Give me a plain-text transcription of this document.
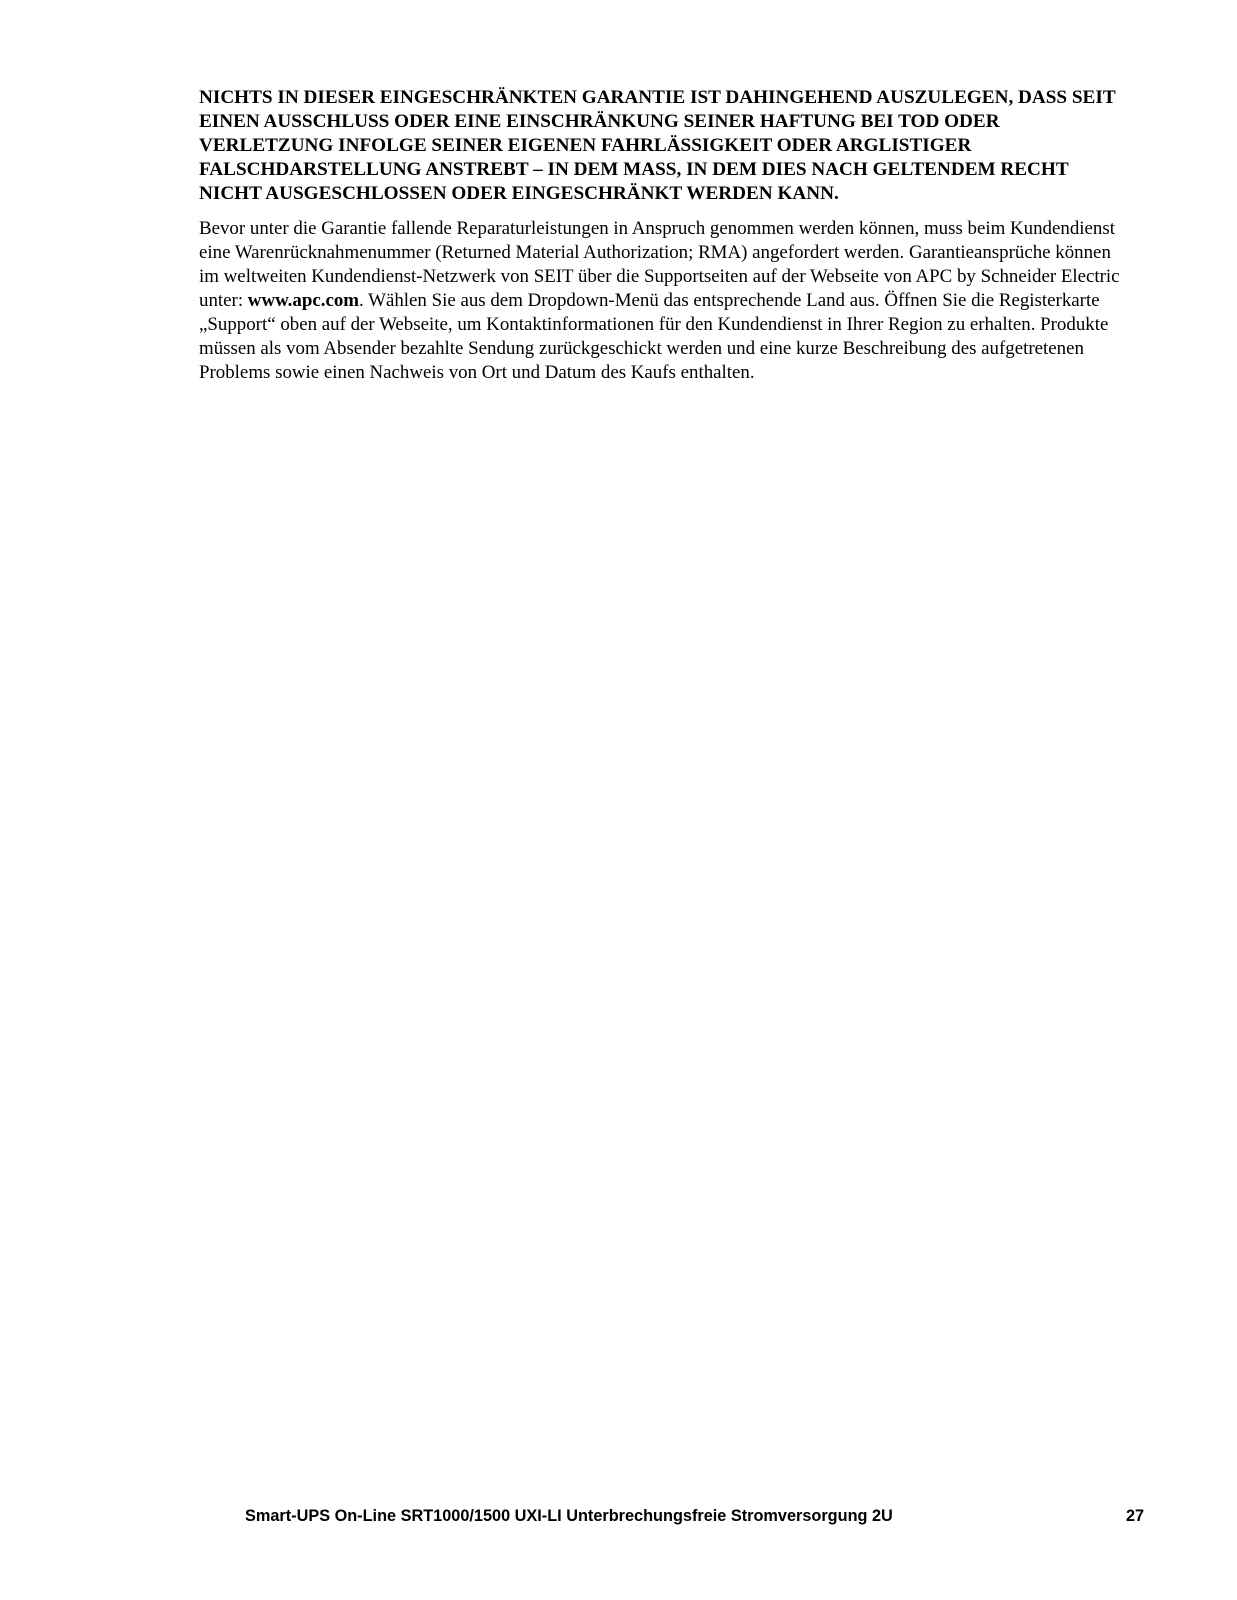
NICHTS IN DIESER EINGESCHRÄNKTEN GARANTIE IST DAHINGEHEND AUSZULEGEN, DASS SEIT EINEN AUSSCHLUSS ODER EINE EINSCHRÄNKUNG SEINER HAFTUNG BEI TOD ODER VERLETZUNG INFOLGE SEINER EIGENEN FAHRLÄSSIGKEIT ODER ARGLISTIGER FALSCHDARSTELLUNG ANSTREBT – IN DEM MASS, IN DEM DIES NACH GELTENDEM RECHT NICHT AUSGESCHLOSSEN ODER EINGESCHRÄNKT WERDEN KANN.

Bevor unter die Garantie fallende Reparaturleistungen in Anspruch genommen werden können, muss beim Kundendienst eine Warenrücknahmenummer (Returned Material Authorization; RMA) angefordert werden. Garantieansprüche können im weltweiten Kundendienst-Netzwerk von SEIT über die Supportseiten auf der Webseite von APC by Schneider Electric unter: www.apc.com. Wählen Sie aus dem Dropdown-Menü das entsprechende Land aus. Öffnen Sie die Registerkarte „Support“ oben auf der Webseite, um Kontaktinformationen für den Kundendienst in Ihrer Region zu erhalten. Produkte müssen als vom Absender bezahlte Sendung zurückgeschickt werden und eine kurze Beschreibung des aufgetretenen Problems sowie einen Nachweis von Ort und Datum des Kaufs enthalten.

Smart-UPS On-Line SRT1000/1500 UXI-LI Unterbrechungsfreie Stromversorgung 2U	27
